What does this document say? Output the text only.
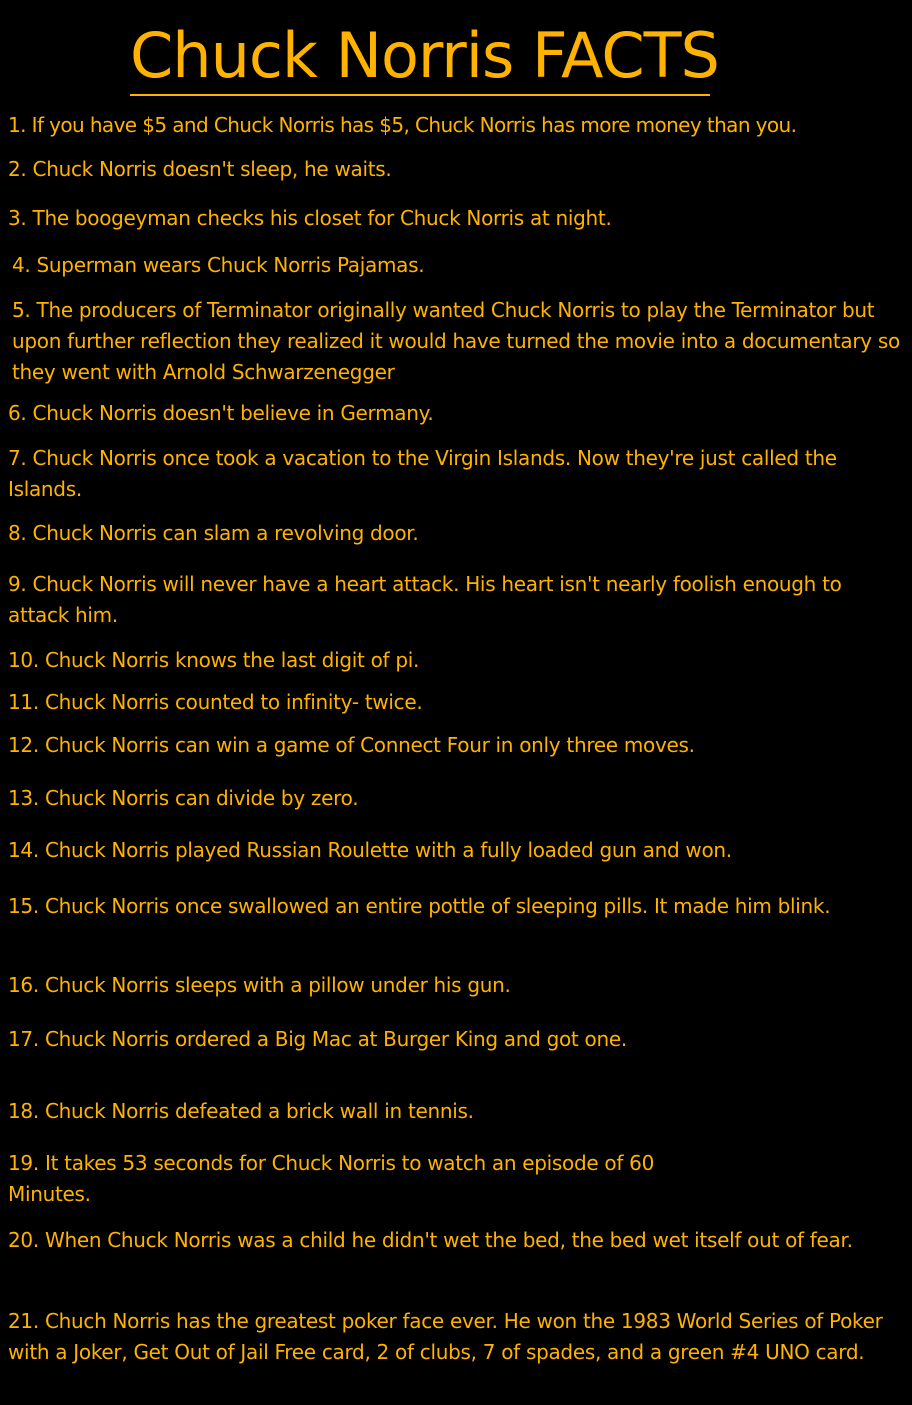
Chuck Norris FACTS

1. If you have $5 and Chuck Norris has $5, Chuck Norris has more money than you.

2. Chuck Norris doesn't sleep, he waits.

3. The boogeyman checks his closet for Chuck Norris at night.

4. Superman wears Chuck Norris Pajamas.

5. The producers of Terminator originally wanted Chuck Norris to play the Terminator but upon further reflection they realized it would have turned the movie into a documentary so they went with Arnold Schwarzenegger

6. Chuck Norris doesn't believe in Germany.

7. Chuck Norris once took a vacation to the Virgin Islands. Now they're just called the Islands.

8. Chuck Norris can slam a revolving door.

9. Chuck Norris will never have a heart attack. His heart isn't nearly foolish enough to attack him.

10. Chuck Norris knows the last digit of pi.

11. Chuck Norris counted to infinity- twice.

12. Chuck Norris can win a game of Connect Four in only three moves.

13. Chuck Norris can divide by zero.

14. Chuck Norris played Russian Roulette with a fully loaded gun and won.

15. Chuck Norris once swallowed an entire pottle of sleeping pills. It made him blink.

16. Chuck Norris sleeps with a pillow under his gun.

17. Chuck Norris ordered a Big Mac at Burger King and got one.

18. Chuck Norris defeated a brick wall in tennis.

19. It takes 53 seconds for Chuck Norris to watch an episode of 60 Minutes.

20. When Chuck Norris was a child he didn't wet the bed, the bed wet itself out of fear.

21. Chuch Norris has the greatest poker face ever. He won the 1983 World Series of Poker with a Joker, Get Out of Jail Free card, 2 of clubs, 7 of spades, and a green #4 UNO card.
